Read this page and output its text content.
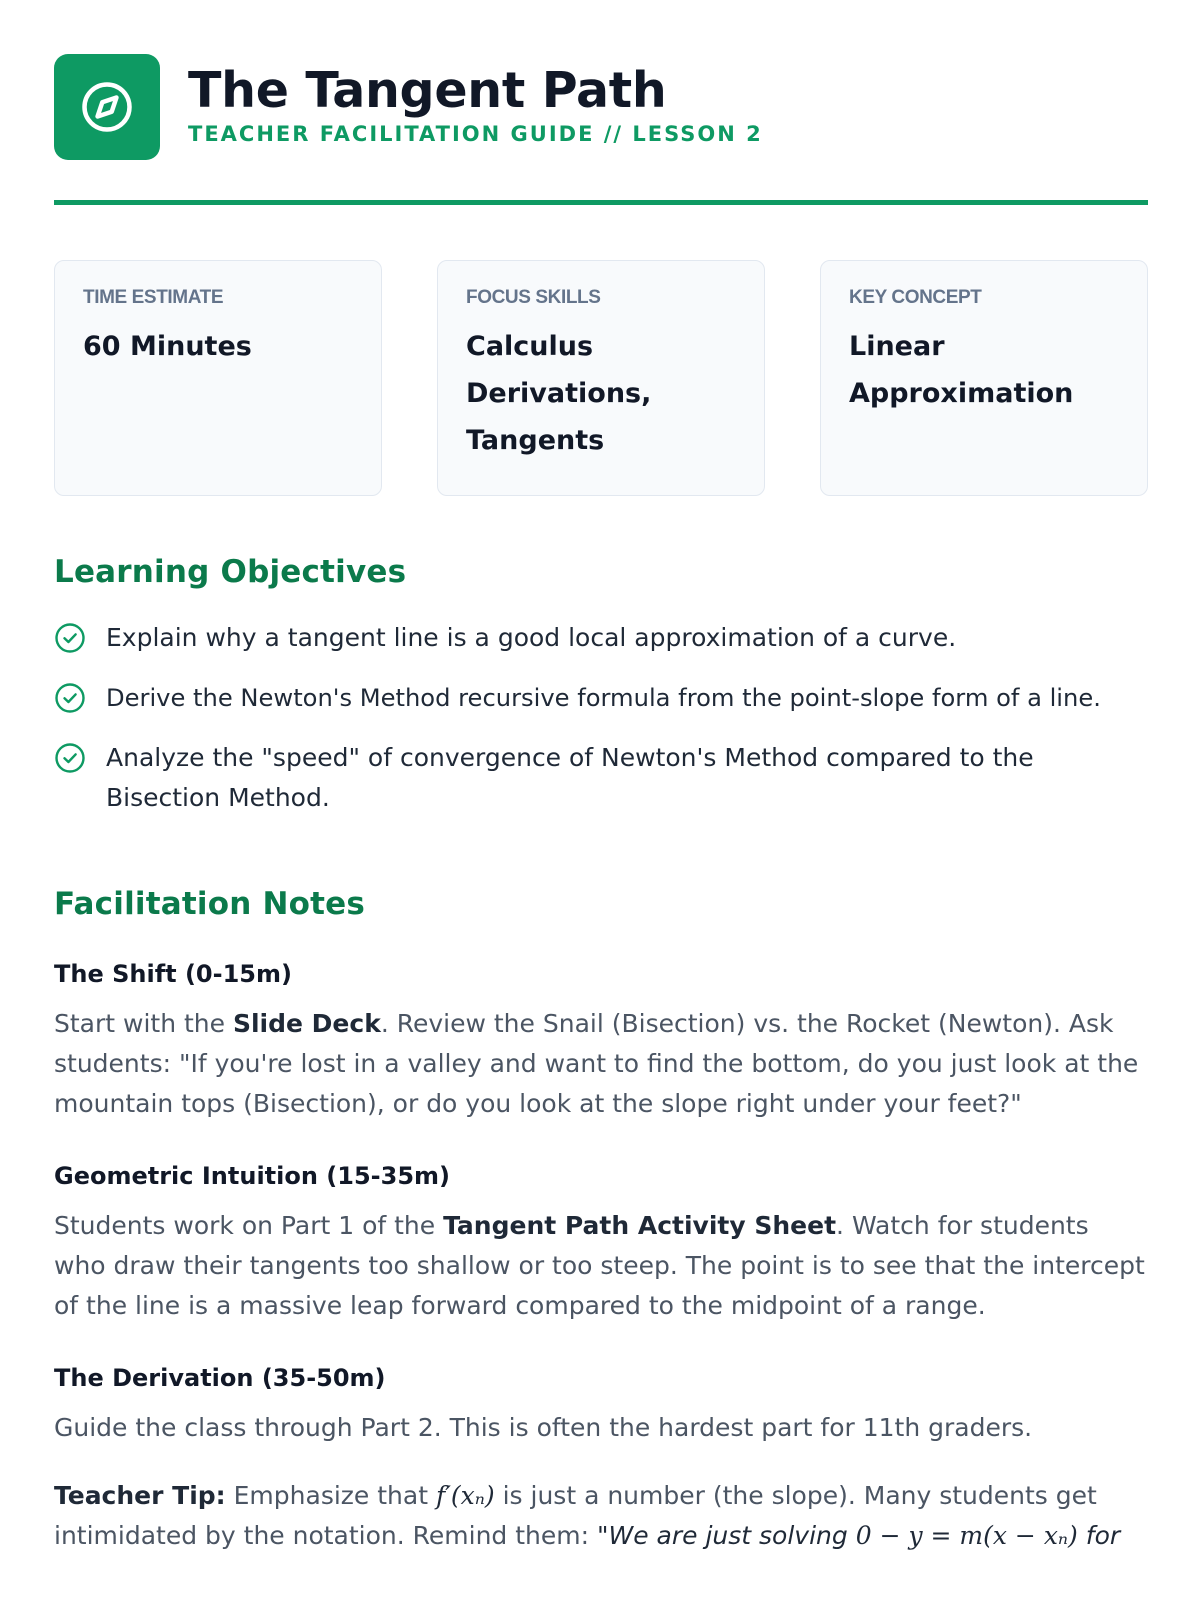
The Tangent Path
TEACHER FACILITATION GUIDE // LESSON 2
TIME ESTIMATE
60 Minutes
FOCUS SKILLS
Calculus Derivations, Tangents
KEY CONCEPT
Linear Approximation
Learning Objectives
Explain why a tangent line is a good local approximation of a curve.
Derive the Newton's Method recursive formula from the point-slope form of a line.
Analyze the "speed" of convergence of Newton's Method compared to the Bisection Method.
Facilitation Notes
The Shift (0-15m)
Start with the Slide Deck. Review the Snail (Bisection) vs. the Rocket (Newton). Ask students: "If you're lost in a valley and want to find the bottom, do you just look at the mountain tops (Bisection), or do you look at the slope right under your feet?"
Geometric Intuition (15-35m)
Students work on Part 1 of the Tangent Path Activity Sheet. Watch for students who draw their tangents too shallow or too steep. The point is to see that the intercept of the line is a massive leap forward compared to the midpoint of a range.
The Derivation (35-50m)
Guide the class through Part 2. This is often the hardest part for 11th graders.
Teacher Tip: Emphasize that f′(xₙ) is just a number (the slope). Many students get intimidated by the notation. Remind them: "We are just solving 0 − y = m(x − xₙ) for
